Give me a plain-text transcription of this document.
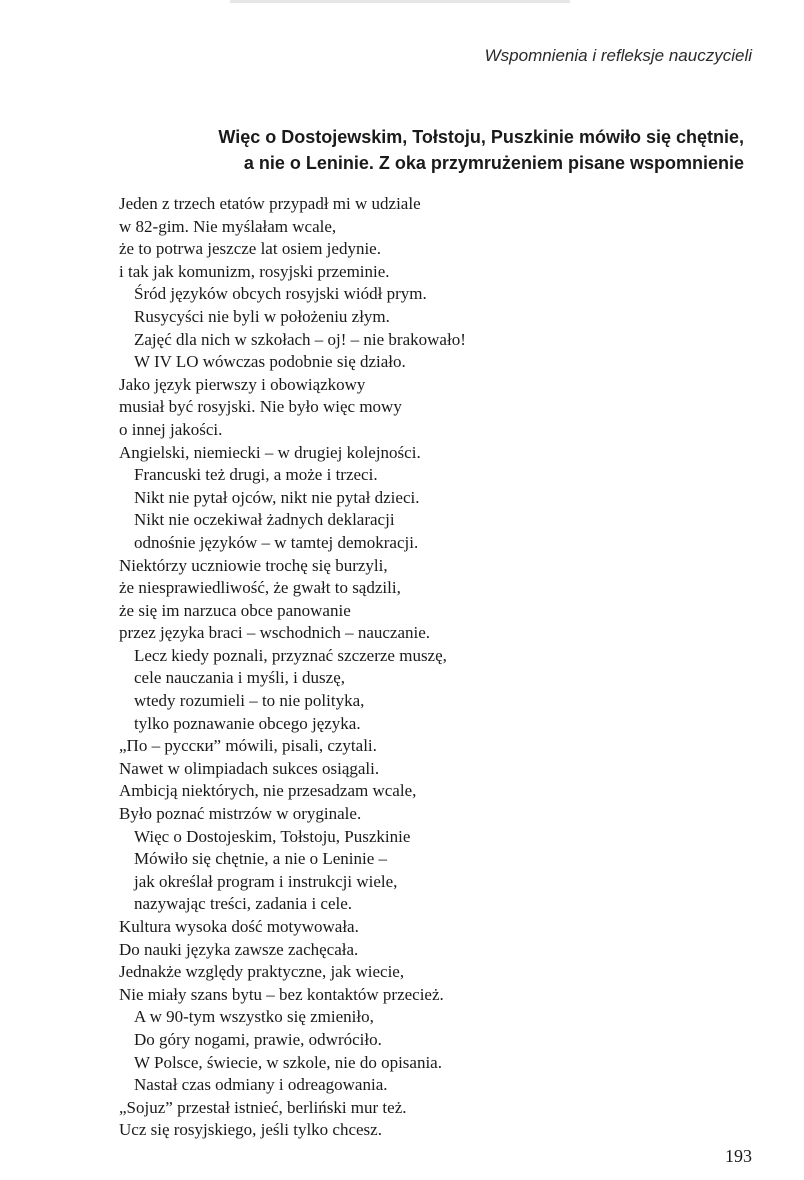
Wspomnienia i refleksje nauczycieli
Więc o Dostojewskim, Tołstoju, Puszkinie mówiło się chętnie,
a nie o Leninie. Z oka przymrużeniem pisane wspomnienie
Jeden z trzech etatów przypadł mi w udziale
w 82-gim. Nie myślałam wcale,
że to potrwa jeszcze lat osiem jedynie.
i tak jak komunizm, rosyjski przeminie.
Śród języków obcych rosyjski wiódł prym.
Rusycyści nie byli w położeniu złym.
Zajęć dla nich w szkołach – oj! – nie brakowało!
W IV LO wówczas podobnie się działo.
Jako język pierwszy i obowiązkowy
musiał być rosyjski. Nie było więc mowy
o innej jakości.
Angielski, niemiecki – w drugiej kolejności.
Francuski też drugi, a może i trzeci.
Nikt nie pytał ojców, nikt nie pytał dzieci.
Nikt nie oczekiwał żadnych deklaracji
odnośnie języków – w tamtej demokracji.
Niektórzy uczniowie trochę się burzyli,
że niesprawiedliwość, że gwałt to sądzili,
że się im narzuca obce panowanie
przez języka braci – wschodnich – nauczanie.
Lecz kiedy poznali, przyznać szczerze muszę,
cele nauczania i myśli, i duszę,
wtedy rozumieli – to nie polityka,
tylko poznawanie obcego języka.
„По – русски” mówili, pisali, czytali.
Nawet w olimpiadach sukces osiągali.
Ambicją niektórych, nie przesadzam wcale,
Było poznać mistrzów w oryginale.
Więc o Dostojeskim, Tołstoju, Puszkinie
Mówiło się chętnie, a nie o Leninie –
jak określał program i instrukcji wiele,
nazywając treści, zadania i cele.
Kultura wysoka dość motywowała.
Do nauki języka zawsze zachęcała.
Jednakże względy praktyczne, jak wiecie,
Nie miały szans bytu – bez kontaktów przecież.
A w 90-tym wszystko się zmieniło,
Do góry nogami, prawie, odwróciło.
W Polsce, świecie, w szkole, nie do opisania.
Nastał czas odmiany i odreagowania.
„Sojuz” przestał istnieć, berliński mur też.
Ucz się rosyjskiego, jeśli tylko chcesz.
193
